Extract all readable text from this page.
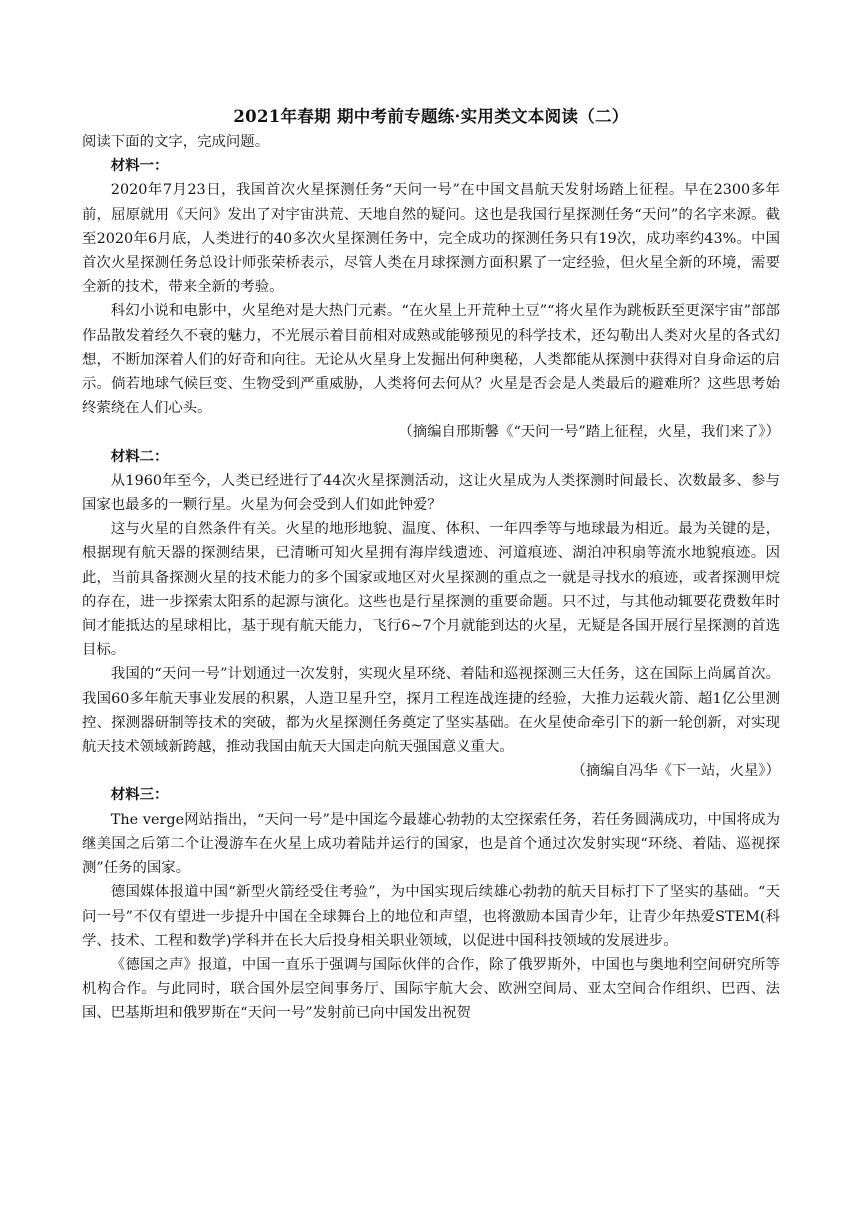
2021年春期 期中考前专题练·实用类文本阅读（二）

阅读下面的文字，完成问题。

材料一：

2020年7月23日，我国首次火星探测任务“天问一号”在中国文昌航天发射场踏上征程。早在2300多年前，屈原就用《天问》发出了对宇宙洪荒、天地自然的疑问。这也是我国行星探测任务“天问”的名字来源。截至2020年6月底，人类进行的40多次火星探测任务中，完全成功的探测任务只有19次，成功率约43%。中国首次火星探测任务总设计师张荣桥表示，尽管人类在月球探测方面积累了一定经验，但火星全新的环境，需要全新的技术，带来全新的考验。

科幻小说和电影中，火星绝对是大热门元素。“在火星上开荒种土豆”“将火星作为跳板跃至更深宇宙”部部作品散发着经久不衰的魅力，不光展示着目前相对成熟或能够预见的科学技术，还勾勒出人类对火星的各式幻想，不断加深着人们的好奇和向往。无论从火星身上发掘出何种奥秘，人类都能从探测中获得对自身命运的启示。倘若地球气候巨变、生物受到严重威胁，人类将何去何从？火星是否会是人类最后的避难所？这些思考始终萦绕在人们心头。

（摘编自邢斯馨《“天问一号”踏上征程，火星，我们来了》）

材料二：

从1960年至今，人类已经进行了44次火星探测活动，这让火星成为人类探测时间最长、次数最多、参与国家也最多的一颗行星。火星为何会受到人们如此钟爱？

这与火星的自然条件有关。火星的地形地貌、温度、体积、一年四季等与地球最为相近。最为关键的是，根据现有航天器的探测结果，已清晰可知火星拥有海岸线遗迹、河道痕迹、湖泊冲积扇等流水地貌痕迹。因此，当前具备探测火星的技术能力的多个国家或地区对火星探测的重点之一就是寻找水的痕迹，或者探测甲烷的存在，进一步探索太阳系的起源与演化。这些也是行星探测的重要命题。只不过，与其他动辄要花费数年时间才能抵达的星球相比，基于现有航天能力，飞行6~7个月就能到达的火星，无疑是各国开展行星探测的首选目标。

我国的“天问一号”计划通过一次发射，实现火星环绕、着陆和巡视探测三大任务，这在国际上尚属首次。我国60多年航天事业发展的积累，人造卫星升空，探月工程连战连捷的经验，大推力运载火箭、超1亿公里测控、探测器研制等技术的突破，都为火星探测任务奠定了坚实基础。在火星使命牵引下的新一轮创新，对实现航天技术领域新跨越，推动我国由航天大国走向航天强国意义重大。

（摘编自冯华《下一站，火星》）

材料三：

The verge网站指出，“天问一号”是中国迄今最雄心勃勃的太空探索任务，若任务圆满成功，中国将成为继美国之后第二个让漫游车在火星上成功着陆并运行的国家，也是首个通过次发射实现“环绕、着陆、巡视探测”任务的国家。

德国媒体报道中国“新型火箭经受住考验”，为中国实现后续雄心勃勃的航天目标打下了坚实的基础。“天问一号”不仅有望进一步提升中国在全球舞台上的地位和声望，也将激励本国青少年，让青少年热爱STEM(科学、技术、工程和数学)学科并在长大后投身相关职业领域，以促进中国科技领域的发展进步。

《德国之声》报道，中国一直乐于强调与国际伙伴的合作，除了俄罗斯外，中国也与奥地利空间研究所等机构合作。与此同时，联合国外层空间事务厅、国际宇航大会、欧洲空间局、亚太空间合作组织、巴西、法国、巴基斯坦和俄罗斯在“天问一号”发射前已向中国发出祝贺
